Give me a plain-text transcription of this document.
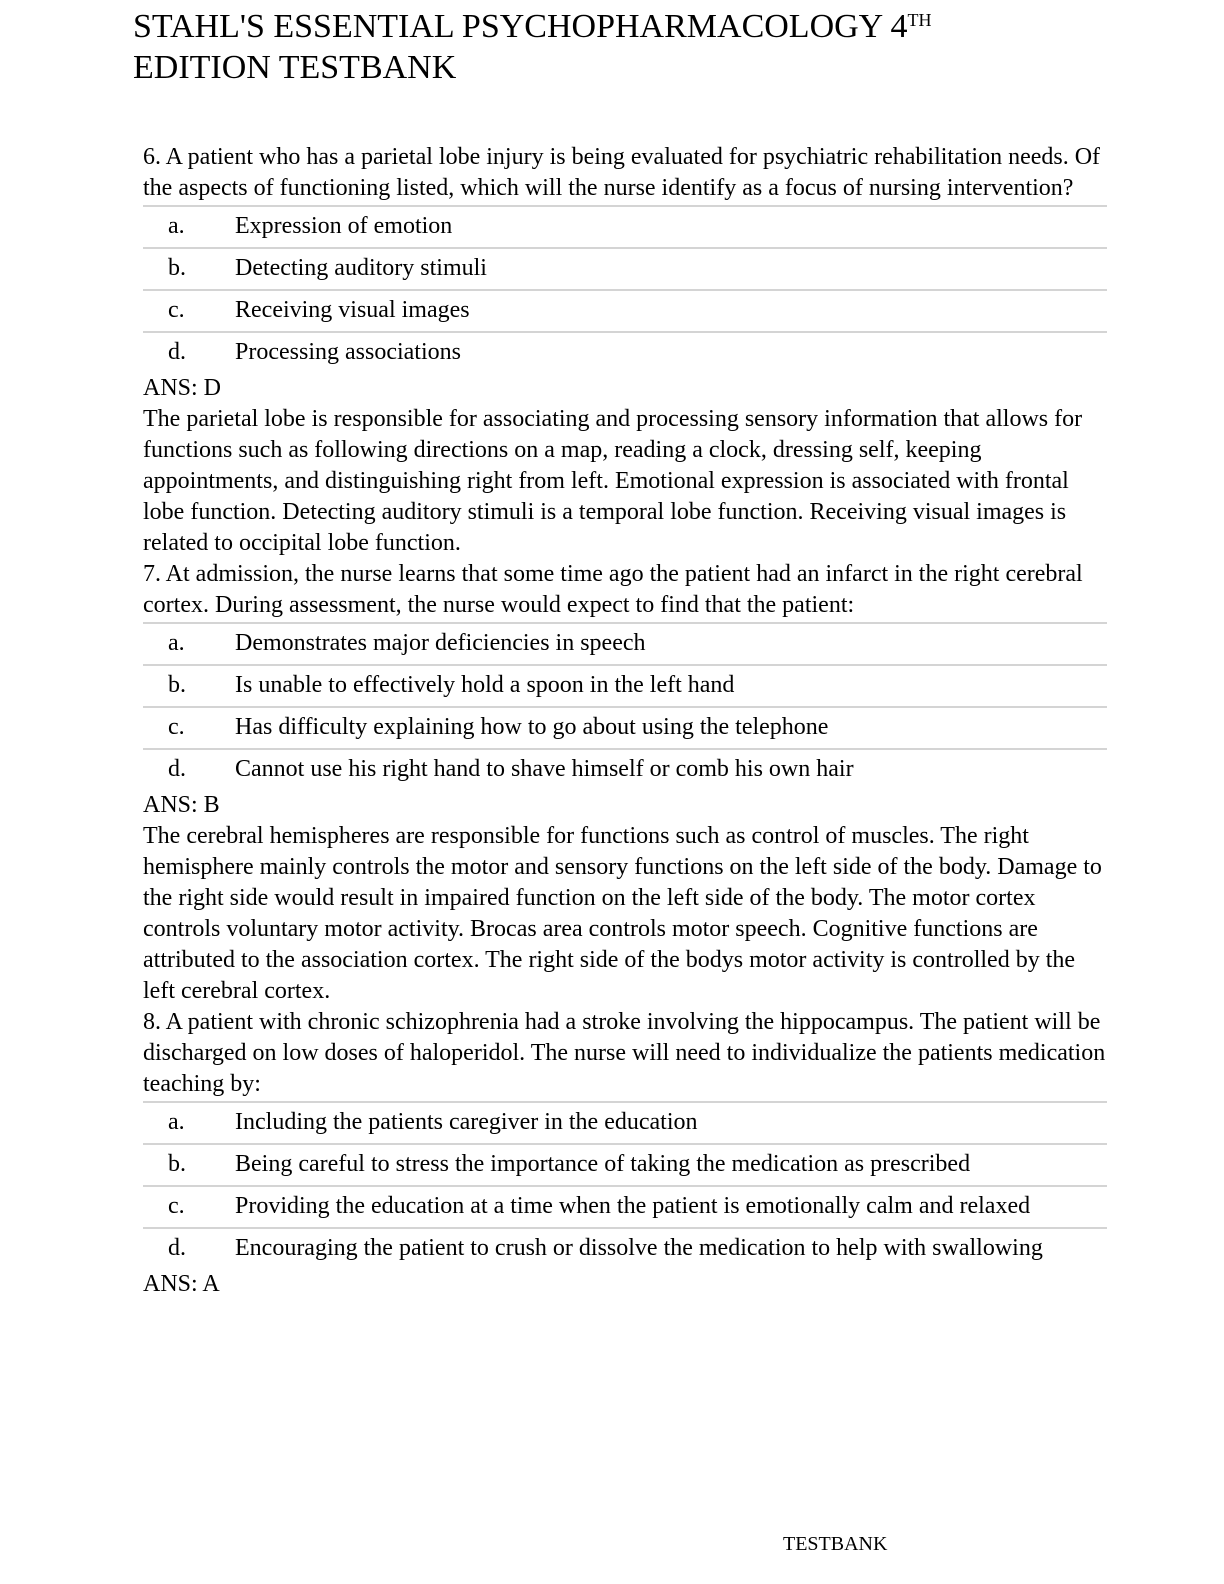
STAHL'S ESSENTIAL PSYCHOPHARMACOLOGY 4TH
EDITION TESTBANK

6. A patient who has a parietal lobe injury is being evaluated for psychiatric rehabilitation needs. Of the aspects of functioning listed, which will the nurse identify as a focus of nursing intervention?

a.	Expression of emotion
b.	Detecting auditory stimuli
c.	Receiving visual images
d.	Processing associations

ANS: D

The parietal lobe is responsible for associating and processing sensory information that allows for functions such as following directions on a map, reading a clock, dressing self, keeping appointments, and distinguishing right from left. Emotional expression is associated with frontal lobe function. Detecting auditory stimuli is a temporal lobe function. Receiving visual images is related to occipital lobe function.

7. At admission, the nurse learns that some time ago the patient had an infarct in the right cerebral cortex. During assessment, the nurse would expect to find that the patient:

a.	Demonstrates major deficiencies in speech
b.	Is unable to effectively hold a spoon in the left hand
c.	Has difficulty explaining how to go about using the telephone
d.	Cannot use his right hand to shave himself or comb his own hair

ANS: B

The cerebral hemispheres are responsible for functions such as control of muscles. The right hemisphere mainly controls the motor and sensory functions on the left side of the body. Damage to the right side would result in impaired function on the left side of the body. The motor cortex controls voluntary motor activity. Brocas area controls motor speech. Cognitive functions are attributed to the association cortex. The right side of the bodys motor activity is controlled by the left cerebral cortex.

8. A patient with chronic schizophrenia had a stroke involving the hippocampus. The patient will be discharged on low doses of haloperidol. The nurse will need to individualize the patients medication teaching by:

a.	Including the patients caregiver in the education
b.	Being careful to stress the importance of taking the medication as prescribed
c.	Providing the education at a time when the patient is emotionally calm and relaxed
d.	Encouraging the patient to crush or dissolve the medication to help with swallowing

ANS: A

TESTBANK
